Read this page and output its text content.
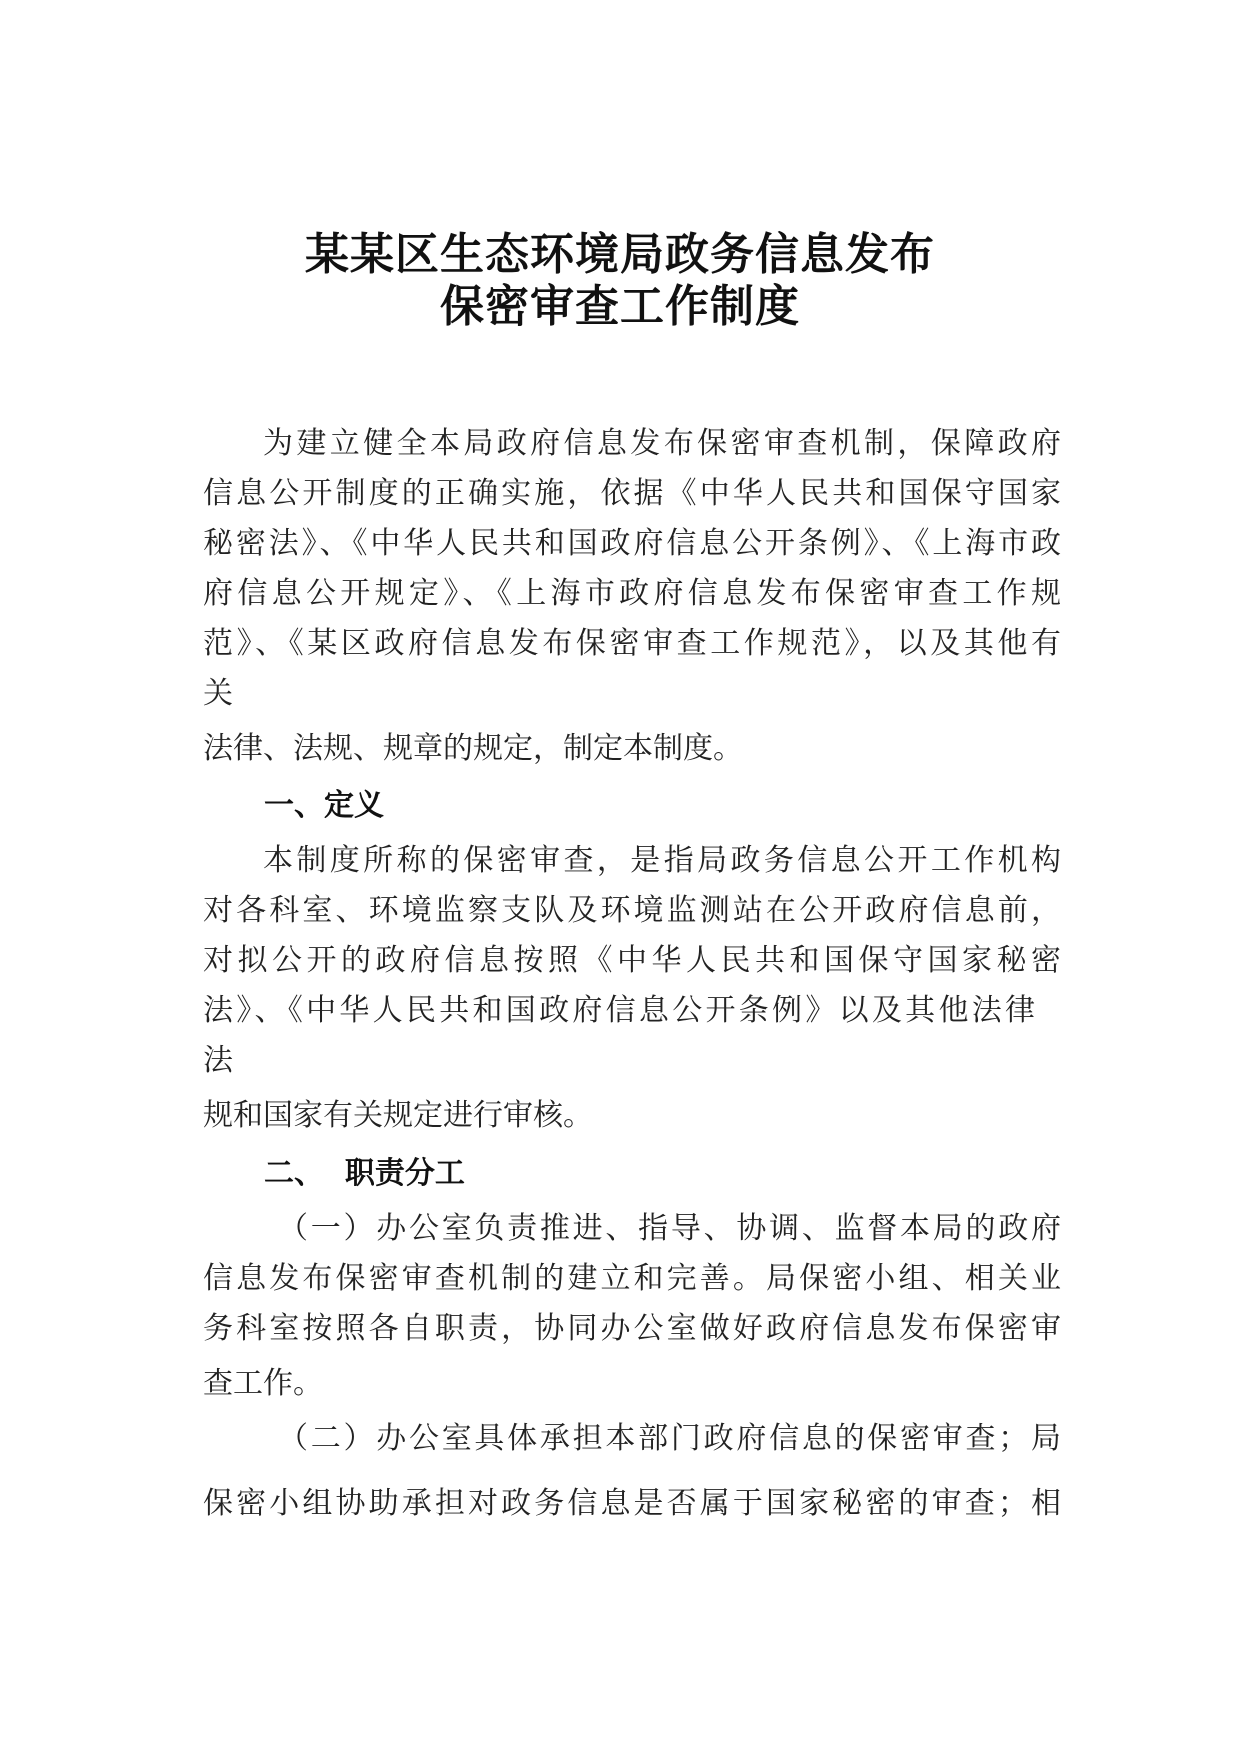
某某区生态环境局政务信息发布
保密审查工作制度
为建立健全本局政府信息发布保密审查机制，保障政府
信息公开制度的正确实施，依据《中华人民共和国保守国家
秘密法》、《中华人民共和国政府信息公开条例》、《上海市政
府信息公开规定》、《上海市政府信息发布保密审查工作规
范》、《某区政府信息发布保密审查工作规范》，以及其他有
关
法律、法规、规章的规定，制定本制度。
一、定义
本制度所称的保密审查，是指局政务信息公开工作机构
对各科室、环境监察支队及环境监测站在公开政府信息前，
对拟公开的政府信息按照《中华人民共和国保守国家秘密
法》、《中华人民共和国政府信息公开条例》以及其他法律
法
规和国家有关规定进行审核。
二、  职责分工
（一）办公室负责推进、指导、协调、监督本局的政府
信息发布保密审查机制的建立和完善。局保密小组、相关业
务科室按照各自职责，协同办公室做好政府信息发布保密审
查工作。
（二）办公室具体承担本部门政府信息的保密审查；局
保密小组协助承担对政务信息是否属于国家秘密的审查；相
